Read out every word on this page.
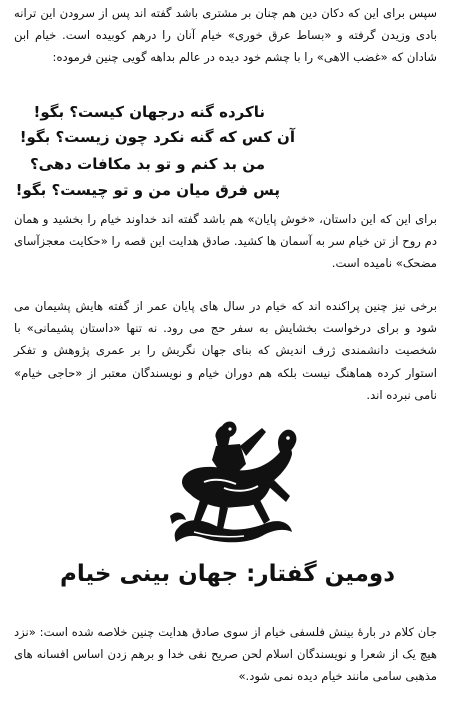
سپس برای این که دکان دین هم چنان بر مشتری باشد گفته اند پس از سرودن این ترانه بادی وزیدن گرفته و «بساط عرق خوری» خیام آنان را درهم کوبیده است. خیام ابن شادان که «غضب الاهی» را با چشم خود دیده در عالم بداهه گویی چنین فرموده:

ناکرده گنه درجهان کیست؟ بگو!
آن کس که گنه نکرد چون زیست؟ بگو!
من بد کنم و تو بد مکافات دهی؟
پس فرق میان من و تو چیست؟ بگو!

برای این که این داستان، «خوش پایان» هم باشد گفته اند خداوند خیام را بخشید و همان دم روح از تن خیام سر به آسمان ها کشید. صادق هدایت این قصه را «حکایت معجزآسای مضحک» نامیده است.

برخی نیز چنین پراکنده اند که خیام در سال های پایان عمر از گفته هایش پشیمان می شود و برای درخواست بخشایش به سفر حج می رود. نه تنها «داستان پشیمانی» با شخصیت دانشمندی ژرف اندیش که بنای جهان نگریش را بر عمری پژوهش و تفکر استوار کرده هماهنگ نیست بلکه هم دوران خیام و نویسندگان معتبر از «حاجی خیام» نامی نبرده اند.

دومین گفتار: جهان بینی خیام

جان کلام در بارهٔ بینش فلسفی خیام از سوی صادق هدایت چنین خلاصه شده است: «نزد هیچ یک از شعرا و نویسندگان اسلام لحن صریح نفی خدا و برهم زدن اساس افسانه های مذهبی سامی مانند خیام دیده نمی شود.»
